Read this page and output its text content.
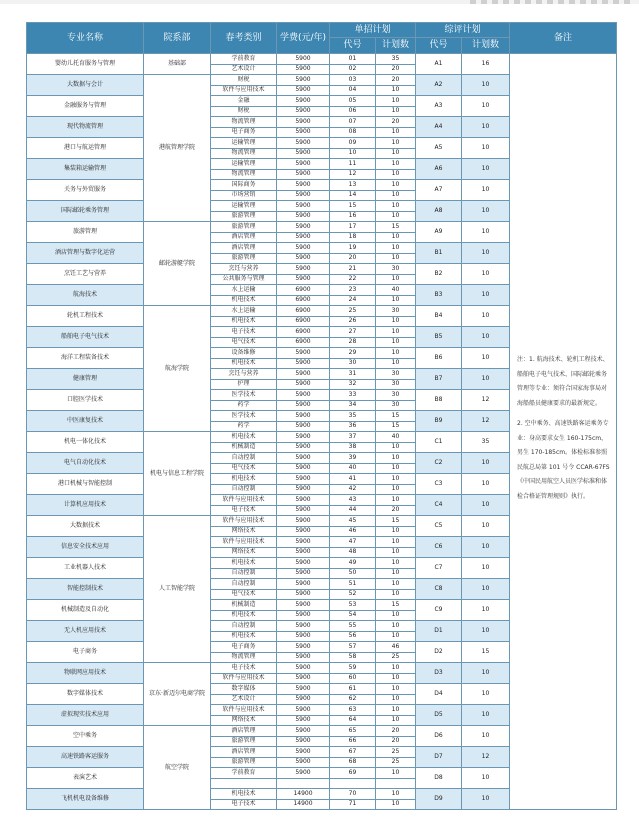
专业名称	院系部	春考类别	学费(元/年)	单招计划		综评计划		备注
				代号	计划数	代号	计划数	
婴幼儿托育服务与管理	基础部	学前教育	5900	01	35	A1	16	注：1. 航海技术、轮机工程技术、船舶电子电气技术、国际邮轮乘务管理等专业：须符合国家海事局对海船船员健康要求的最新规定。

2. 空中乘务、高速铁路客运乘务专业：身高要求女生 160-175cm，男生 170-185cm。体检标准参照民航总局第 101 号令 CCAR-67FS《中国民用航空人员医学标准和体检合格证管理规则》执行。

		艺术设计	5900	02	20			
大数据与会计	港航管理学院	财税	5900	03	20	A2	10	
		软件与应用技术	5900	04	10			
金融服务与管理		金融	5900	05	10	A3	10	
		财税	5900	06	10			
现代物流管理		物流管理	5900	07	20	A4	10	
		电子商务	5900	08	10			
港口与航运管理		运输管理	5900	09	10	A5	10	
		物流管理	5900	10	10			
集装箱运输管理		运输管理	5900	11	10	A6	10	
		物流管理	5900	12	10			
关务与外贸服务		国际商务	5900	13	10	A7	10	
		市场营销	5900	14	10			
国际邮轮乘务管理		运输管理	5900	15	10	A8	10	
		旅游管理	5900	16	10			
旅游管理	邮轮游艇学院	旅游管理	5900	17	15	A9	10	
		酒店管理	5900	18	10			
酒店管理与数字化运营		酒店管理	5900	19	10	B1	10	
		旅游管理	5900	20	10			
烹饪工艺与营养		烹饪与营养	5900	21	30	B2	10	
		公共服务与管理	5900	22	10			
航海技术		水上运输	6900	23	40	B3	10	
		机电技术	6900	24	10			
轮机工程技术	航海学院	水上运输	6900	25	30	B4	10	
		机电技术	6900	26	10			
船舶电子电气技术		电子技术	6900	27	10	B5	10	
		电气技术	6900	28	10			
海洋工程装备技术		设备维修	5900	29	10	B6	10	
		机电技术	5900	30	10			
健康管理		烹饪与营养	5900	31	30	B7	10	
		护理	5900	32	30			
口腔医学技术		医学技术	5900	33	30	B8	12	
		药学	5900	34	30			
中医康复技术		医学技术	5900	35	15	B9	12	
		药学	5900	36	15			
机电一体化技术	机电与信息工程学院	机电技术	5900	37	40	C1	35	
		机械制造	5900	38	10			
电气自动化技术		自动控制	5900	39	10	C2	10	
		电气技术	5900	40	10			
港口机械与智能控制		机电技术	5900	41	10	C3	10	
		自动控制	5900	42	10			
计算机应用技术		软件与应用技术	5900	43	10	C4	10	
		电子技术	5900	44	20			
大数据技术	人工智能学院	软件与应用技术	5900	45	15	C5	10	
		网络技术	5900	46	10			
信息安全技术应用		软件与应用技术	5900	47	10	C6	10	
		网络技术	5900	48	10			
工业机器人技术		机电技术	5900	49	10	C7	10	
		自动控制	5900	50	10			
智能控制技术		自动控制	5900	51	10	C8	10	
		电气技术	5900	52	10			
机械制造及自动化		机械制造	5900	53	15	C9	10	
		机电技术	5900	54	10			
无人机应用技术		自动控制	5900	55	10	D1	10	
		机电技术	5900	56	10			
电子商务		电子商务	5900	57	46	D2	15	
		物流管理	5900	58	25			
物联网应用技术	京东·新迈尔电商学院	电子技术	5900	59	10	D3	10	
		软件与应用技术	5900	60	10			
数字媒体技术		数字媒体	5900	61	10	D4	10	
		艺术设计	5900	62	10			
虚拟现实技术应用		软件与应用技术	5900	63	10	D5	10	
		网络技术	5900	64	10			
空中乘务	航空学院	酒店管理	5900	65	20	D6	10	
		旅游管理	5900	66	20			
高速铁路客运服务		酒店管理	5900	67	25	D7	12	
		旅游管理	5900	68	25			
表演艺术		学前教育	5900	69	10	D8	10	

飞机机电设备维修		机电技术	14900	70	10	D9	10	
		电子技术	14900	71	10			
